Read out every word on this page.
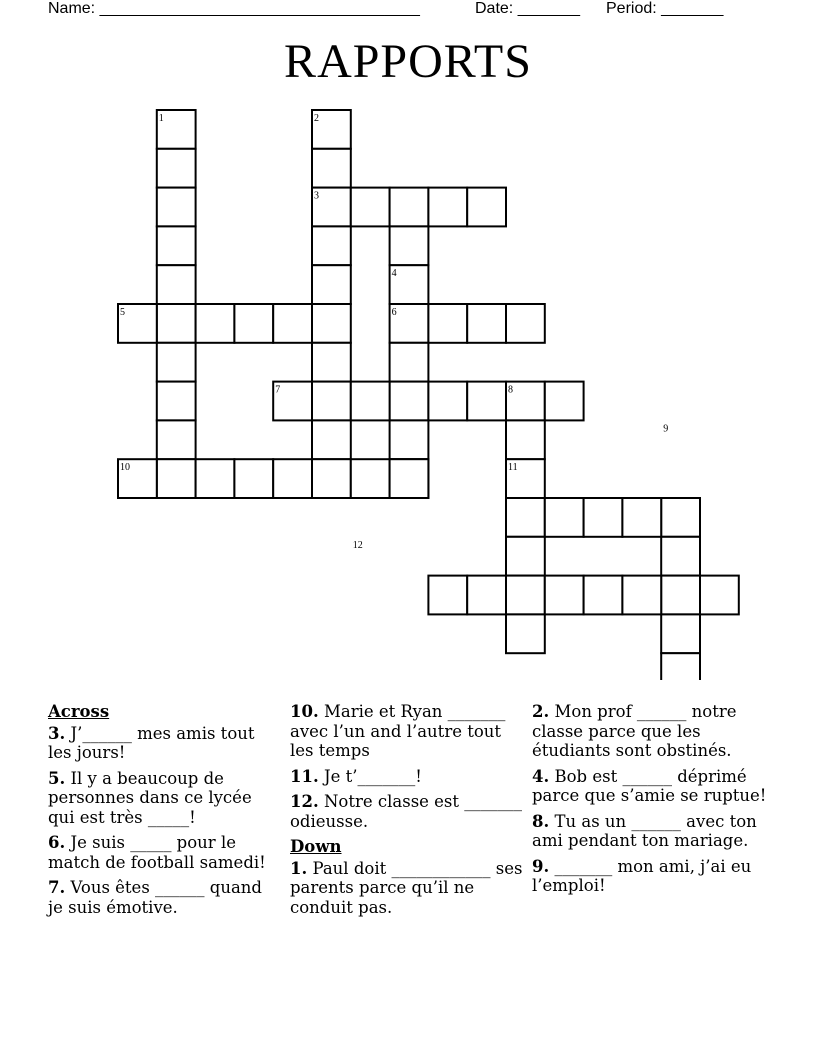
Name: ____________________________________	Date: _______ Period: _______
RAPPORTS
1	2
3
4
5	6
7	8
9
10	11
12
Across
3. J’______ mes amis tout les jours!
5. Il y a beaucoup de personnes dans ce lycée qui est très _____!
6. Je suis _____ pour le match de football samedi!
7. Vous êtes ______ quand je suis émotive.
10. Marie et Ryan _______ avec l’un and l’autre tout les temps
11. Je t’_______!
12. Notre classe est _______ odieusse.
Down
1. Paul doit ____________ ses parents parce qu’il ne conduit pas.
2. Mon prof ______ notre classe parce que les étudiants sont obstinés.
4. Bob est ______ déprimé parce que s’amie se ruptue!
8. Tu as un ______ avec ton ami pendant ton mariage.
9. _______ mon ami, j’ai eu l’emploi!
